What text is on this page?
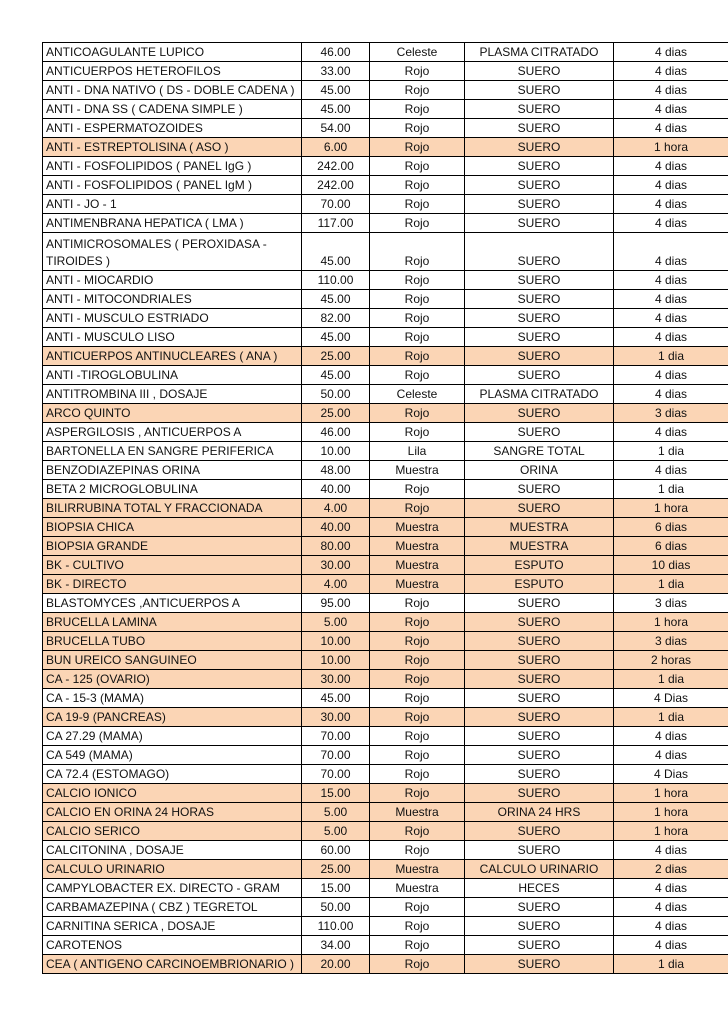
ANTICOAGULANTE LUPICO	46.00	Celeste	PLASMA CITRATADO	4 dias
ANTICUERPOS HETEROFILOS	33.00	Rojo	SUERO	4 dias
ANTI - DNA NATIVO ( DS - DOBLE CADENA )	45.00	Rojo	SUERO	4 dias
ANTI - DNA SS ( CADENA SIMPLE )	45.00	Rojo	SUERO	4 dias
ANTI - ESPERMATOZOIDES	54.00	Rojo	SUERO	4 dias
ANTI - ESTREPTOLISINA ( ASO )	6.00	Rojo	SUERO	1 hora
ANTI - FOSFOLIPIDOS ( PANEL IgG )	242.00	Rojo	SUERO	4 dias
ANTI - FOSFOLIPIDOS ( PANEL IgM )	242.00	Rojo	SUERO	4 dias
ANTI - JO - 1	70.00	Rojo	SUERO	4 dias
ANTIMENBRANA HEPATICA ( LMA )	117.00	Rojo	SUERO	4 dias
ANTIMICROSOMALES ( PEROXIDASA - TIROIDES )	45.00	Rojo	SUERO	4 dias
ANTI - MIOCARDIO	110.00	Rojo	SUERO	4 dias
ANTI - MITOCONDRIALES	45.00	Rojo	SUERO	4 dias
ANTI - MUSCULO ESTRIADO	82.00	Rojo	SUERO	4 dias
ANTI - MUSCULO LISO	45.00	Rojo	SUERO	4 dias
ANTICUERPOS ANTINUCLEARES ( ANA )	25.00	Rojo	SUERO	1 dia
ANTI -TIROGLOBULINA	45.00	Rojo	SUERO	4 dias
ANTITROMBINA III , DOSAJE	50.00	Celeste	PLASMA CITRATADO	4 dias
ARCO QUINTO	25.00	Rojo	SUERO	3 dias
ASPERGILOSIS , ANTICUERPOS A	46.00	Rojo	SUERO	4 dias
BARTONELLA EN SANGRE PERIFERICA	10.00	Lila	SANGRE TOTAL	1 dia
BENZODIAZEPINAS ORINA	48.00	Muestra	ORINA	4 dias
BETA 2 MICROGLOBULINA	40.00	Rojo	SUERO	1 dia
BILIRRUBINA TOTAL Y FRACCIONADA	4.00	Rojo	SUERO	1 hora
BIOPSIA CHICA	40.00	Muestra	MUESTRA	6 dias
BIOPSIA GRANDE	80.00	Muestra	MUESTRA	6 dias
BK - CULTIVO	30.00	Muestra	ESPUTO	10 dias
BK - DIRECTO	4.00	Muestra	ESPUTO	1 dia
BLASTOMYCES ,ANTICUERPOS A	95.00	Rojo	SUERO	3 dias
BRUCELLA LAMINA	5.00	Rojo	SUERO	1 hora
BRUCELLA TUBO	10.00	Rojo	SUERO	3 dias
BUN UREICO SANGUINEO	10.00	Rojo	SUERO	2 horas
CA - 125 (OVARIO)	30.00	Rojo	SUERO	1 dia
CA - 15-3 (MAMA)	45.00	Rojo	SUERO	4 Dias
CA 19-9 (PANCREAS)	30.00	Rojo	SUERO	1 dia
CA 27.29 (MAMA)	70.00	Rojo	SUERO	4 dias
CA 549 (MAMA)	70.00	Rojo	SUERO	4 dias
CA 72.4 (ESTOMAGO)	70.00	Rojo	SUERO	4 Dias
CALCIO IONICO	15.00	Rojo	SUERO	1 hora
CALCIO EN ORINA 24 HORAS	5.00	Muestra	ORINA 24 HRS	1 hora
CALCIO SERICO	5.00	Rojo	SUERO	1 hora
CALCITONINA , DOSAJE	60.00	Rojo	SUERO	4 dias
CALCULO URINARIO	25.00	Muestra	CALCULO URINARIO	2 dias
CAMPYLOBACTER EX. DIRECTO - GRAM	15.00	Muestra	HECES	4 dias
CARBAMAZEPINA ( CBZ ) TEGRETOL	50.00	Rojo	SUERO	4 dias
CARNITINA SERICA , DOSAJE	110.00	Rojo	SUERO	4 dias
CAROTENOS	34.00	Rojo	SUERO	4 dias
CEA ( ANTIGENO CARCINOEMBRIONARIO )	20.00	Rojo	SUERO	1 dia
